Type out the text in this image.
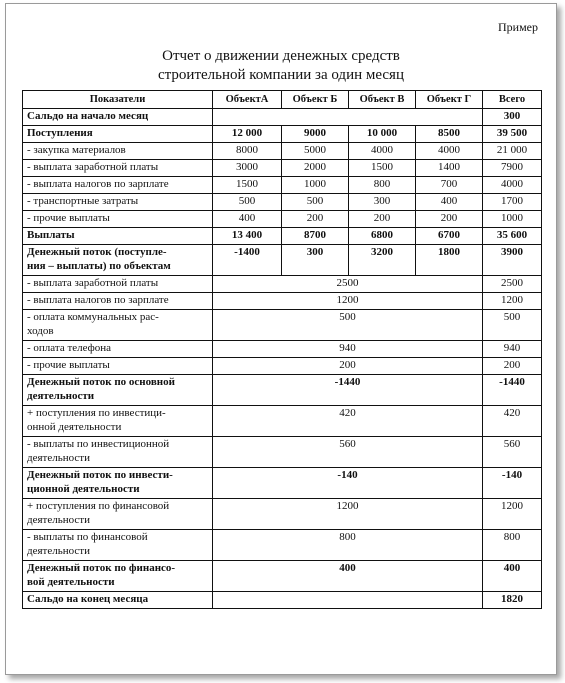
Пример
Отчет о движении денежных средств
строительной компании за один месяц
Показатели	ОбъектА	Объект Б	Объект В	Объект Г	Всего
Сальдо на начало месяц					300
Поступления	12 000	9000	10 000	8500	39 500
- закупка материалов	8000	5000	4000	4000	21 000
- выплата заработной платы	3000	2000	1500	1400	7900
- выплата налогов по зарплате	1500	1000	800	700	4000
- транспортные затраты	500	500	300	400	1700
- прочие выплаты	400	200	200	200	1000
Выплаты	13 400	8700	6800	6700	35 600
Денежный поток (поступле-
ния – выплаты) по объектам	-1400	300	3200	1800	3900
- выплата заработной платы	2500				2500
- выплата налогов по зарплате	1200				1200
- оплата коммунальных рас-
ходов	500				500
- оплата телефона	940				940
- прочие выплаты	200				200
Денежный поток по основной
деятельности	-1440				-1440
+ поступления по инвестици-
онной деятельности	420				420
- выплаты по инвестиционной
деятельности	560				560
Денежный поток по инвести-
ционной деятельности	-140				-140
+ поступления по финансовой
деятельности	1200				1200
- выплаты по финансовой
деятельности	800				800
Денежный поток по финансо-
вой деятельности	400				400
Сальдо на конец месяца					1820
